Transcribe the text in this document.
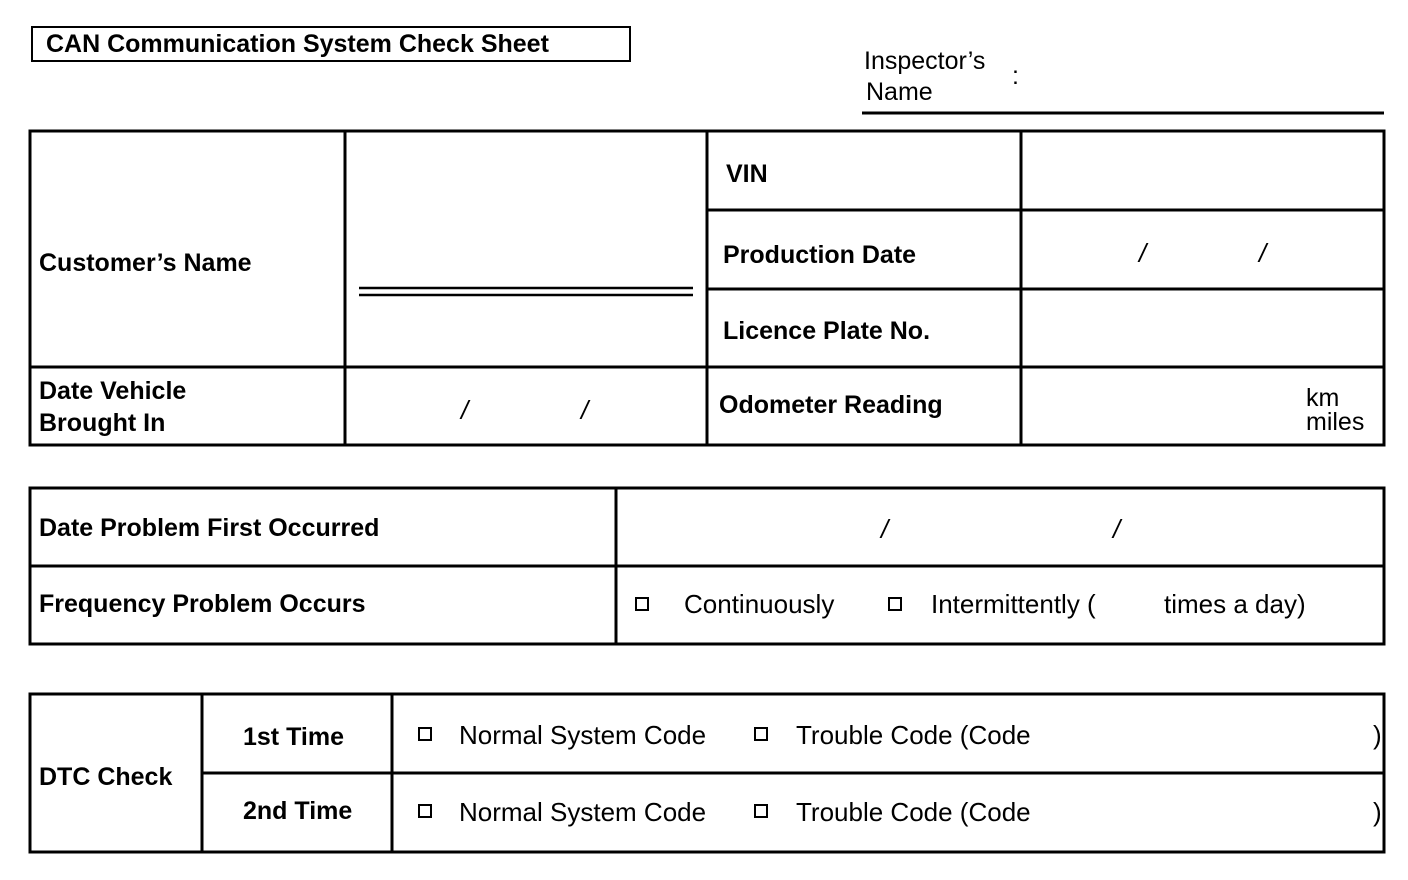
CAN Communication System Check Sheet
Inspector’s
Name
:
Customer’s Name
VIN
Production Date	/	/
Licence Plate No.
Date Vehicle
Brought In	/	/	Odometer Reading	km
miles
Date Problem First Occurred	/	/
Frequency Problem Occurs	Continuously	Intermittently (	times a day)
DTC Check
1st Time	Normal System Code	Trouble Code (Code	)
2nd Time	Normal System Code	Trouble Code (Code	)
